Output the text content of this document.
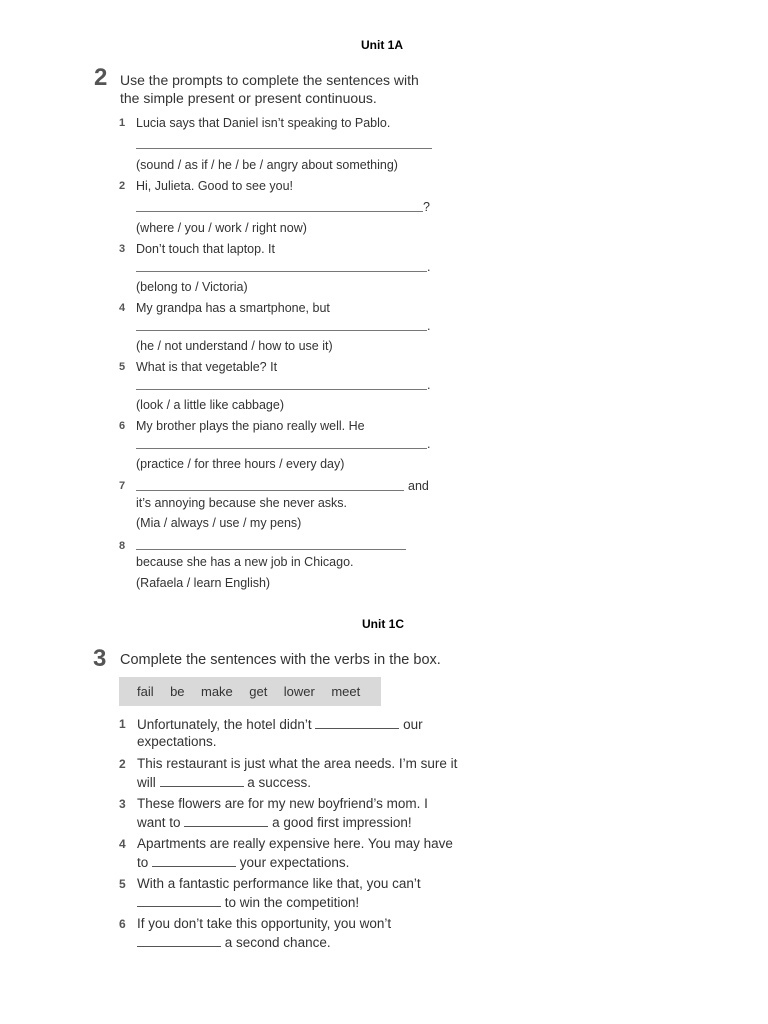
Unit 1A
2 Use the prompts to complete the sentences with
the simple present or present continuous.
1 Lucia says that Daniel isn’t speaking to Pablo.
(sound / as if / he / be / angry about something)
2 Hi, Julieta. Good to see you!
?
(where / you / work / right now)
3 Don’t touch that laptop. It
.
(belong to / Victoria)
4 My grandpa has a smartphone, but
.
(he / not understand / how to use it)
5 What is that vegetable? It
.
(look / a little like cabbage)
6 My brother plays the piano really well. He
.
(practice / for three hours / every day)
7	and
it’s annoying because she never asks.
(Mia / always / use / my pens)
8
because she has a new job in Chicago.
(Rafaela / learn English)
Unit 1C
3 Complete the sentences with the verbs in the box.
fail be make get lower meet
1 Unfortunately, the hotel didn’t	our
expectations.
2 This restaurant is just what the area needs. I’m sure it
will	a success.
3 These flowers are for my new boyfriend’s mom. I
want to	a good first impression!
4 Apartments are really expensive here. You may have
to	your expectations.
5 With a fantastic performance like that, you can’t
to win the competition!
6 If you don’t take this opportunity, you won’t
a second chance.
